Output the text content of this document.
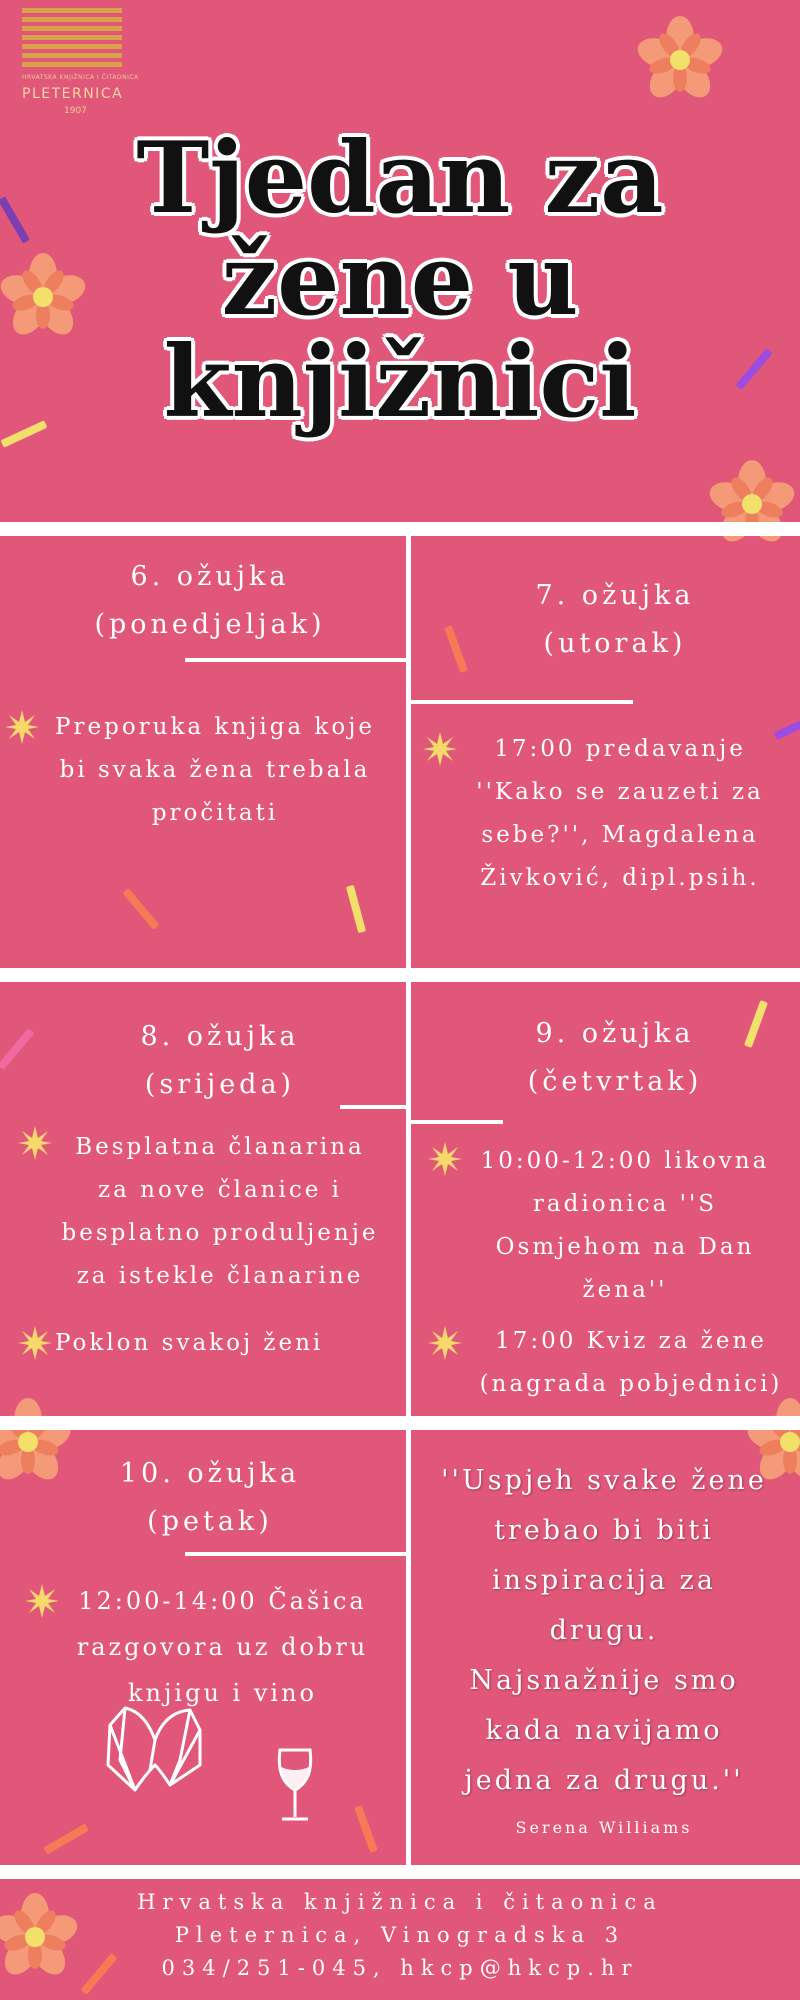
HRVATSKA KNJIŽNICA I ČITAONICA
PLETERNICA
1907
Tjedan za
žene u
knjižnici
6. ožujka
(ponedjeljak)
Preporuka knjiga koje
bi svaka žena trebala
pročitati
7. ožujka
(utorak)
17:00 predavanje
''Kako se zauzeti za
sebe?'', Magdalena
Živković, dipl.psih.
8. ožujka
(srijeda)
Besplatna članarina
za nove članice i
besplatno produljenje
za istekle članarine
Poklon svakoj ženi
9. ožujka
(četvrtak)
10:00-12:00 likovna
radionica ''S
Osmjehom na Dan
žena''
17:00 Kviz za žene
(nagrada pobjednici)
10. ožujka
(petak)
12:00-14:00 Čašica
razgovora uz dobru
knjigu i vino
''Uspjeh svake žene
trebao bi biti
inspiracija za
drugu.
Najsnažnije smo
kada navijamo
jedna za drugu.''
Serena Williams
Hrvatska knjižnica i čitaonica
Pleternica, Vinogradska 3
034/251-045, hkcp@hkcp.hr
